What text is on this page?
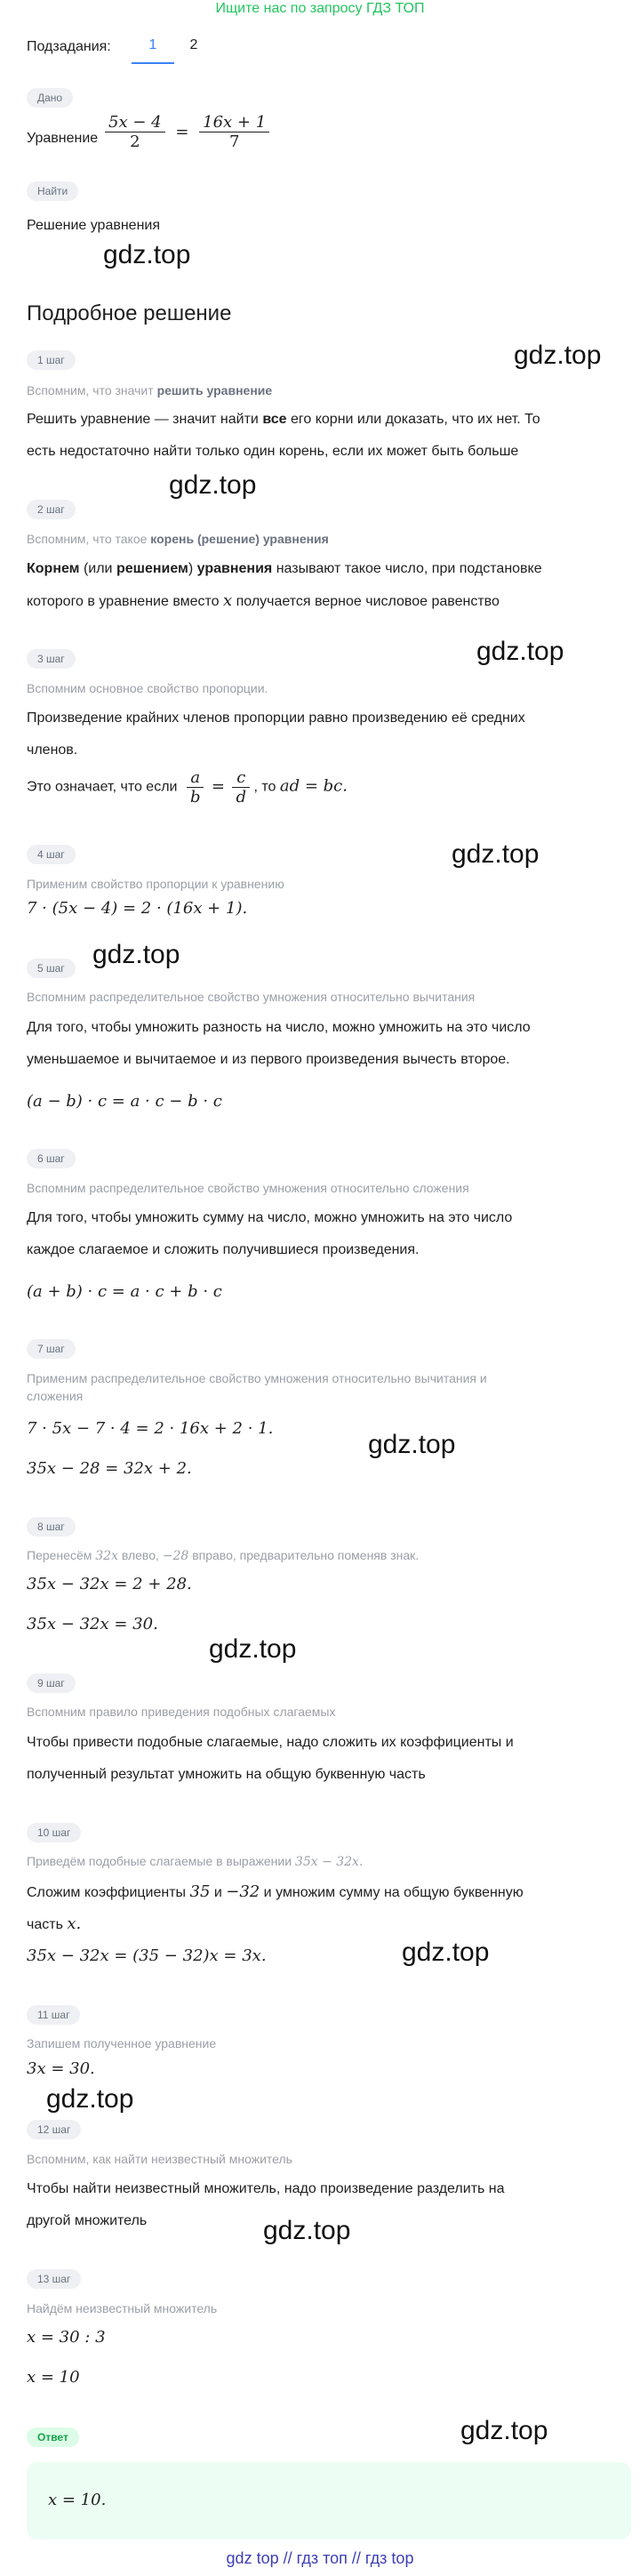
Ищите нас по запросу ГДЗ ТОП
Подзадания:	1	2
Дано
Уравнение $\frac{5x - 4}{2} = \frac{16x + 1}{7}$
Найти
Решение уравнения
gdz.top
gdz.top
gdz.top
gdz.top
gdz.top
gdz.top
gdz.top
gdz.top
gdz.top
gdz.top
gdz.top
gdz.top
Подробное решение
1 шаг
Вспомним, что значит решить уравнение
Решить уравнение — значит найти все его корни или доказать, что их нет. То
есть недостаточно найти только один корень, если их может быть больше
2 шаг
Вспомним, что такое корень (решение) уравнения
Корнем (или решением) уравнения называют такое число, при подстановке
которого в уравнение вместо x получается верное числовое равенство
3 шаг
Вспомним основное свойство пропорции.
Произведение крайних членов пропорции равно произведению её средних
членов.
Это означает, что если $\frac{a}{b} = \frac{c}{d}$ , то ad = bc.
4 шаг
Применим свойство пропорции к уравнению
7 · (5x − 4) = 2 · (16x + 1).
5 шаг
Вспомним распределительное свойство умножения относительно вычитания
Для того, чтобы умножить разность на число, можно умножить на это число
уменьшаемое и вычитаемое и из первого произведения вычесть второе.
(a − b) · c = a · c − b · c
6 шаг
Вспомним распределительное свойство умножения относительно сложения
Для того, чтобы умножить сумму на число, можно умножить на это число
каждое слагаемое и сложить получившиеся произведения.
(a + b) · c = a · c + b · c
7 шаг
Применим распределительное свойство умножения относительно вычитания и
сложения
7 · 5x − 7 · 4 = 2 · 16x + 2 · 1.
35x − 28 = 32x + 2.
8 шаг
Перенесём 32x влево, −28 вправо, предварительно поменяв знак.
35x − 32x = 2 + 28.
35x − 32x = 30.
9 шаг
Вспомним правило приведения подобных слагаемых
Чтобы привести подобные слагаемые, надо сложить их коэффициенты и
полученный результат умножить на общую буквенную часть
10 шаг
Приведём подобные слагаемые в выражении 35x − 32x.
Сложим коэффициенты 35 и −32 и умножим сумму на общую буквенную
часть x.
35x − 32x = (35 − 32)x = 3x.
11 шаг
Запишем полученное уравнение
3x = 30.
12 шаг
Вспомним, как найти неизвестный множитель
Чтобы найти неизвестный множитель, надо произведение разделить на
другой множитель
13 шаг
Найдём неизвестный множитель
x = 30 : 3
x = 10
Ответ
x = 10.
gdz top // гдз топ // гдз top
